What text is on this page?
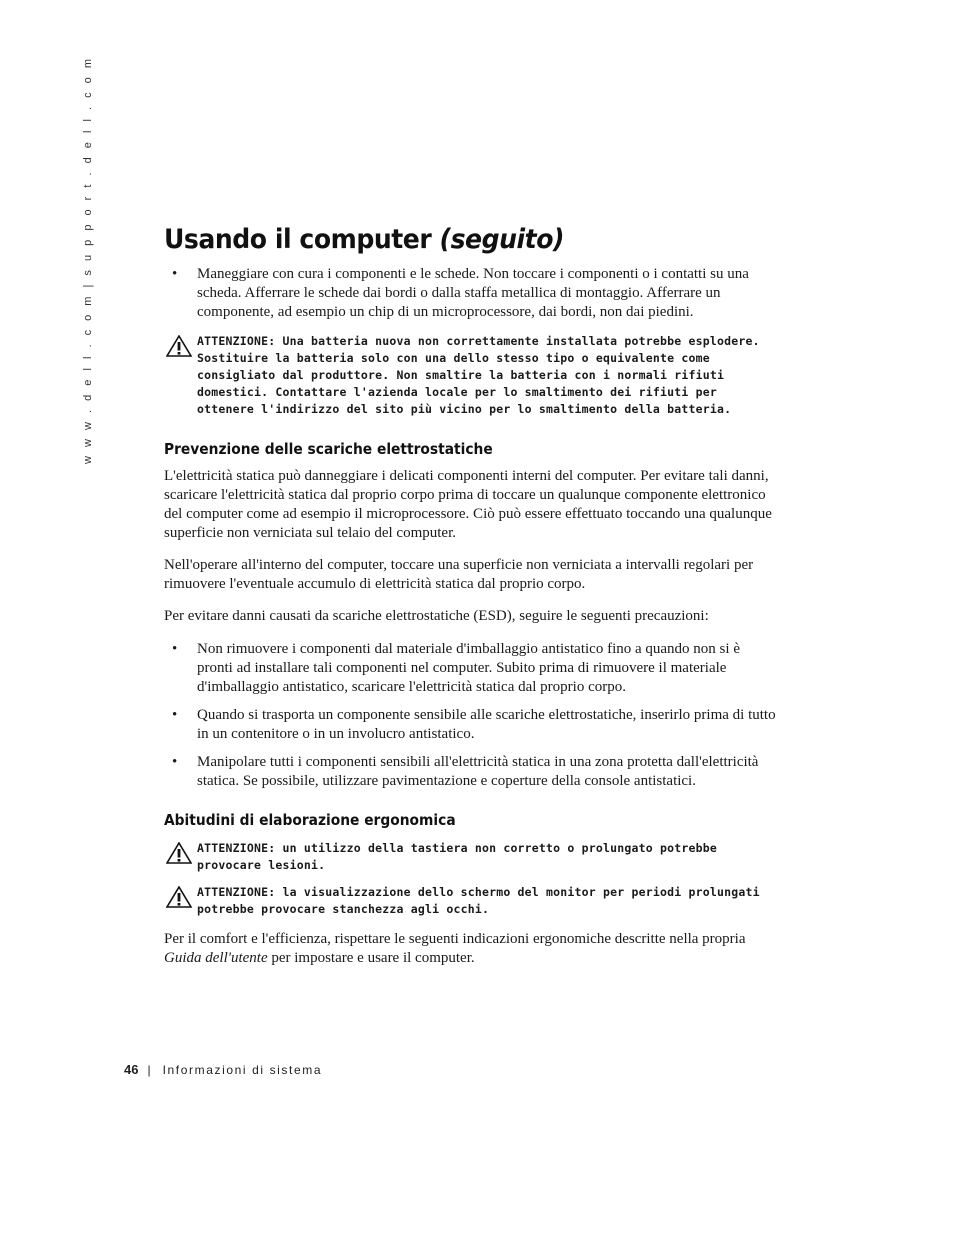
w w w . d e l l . c o m | s u p p o r t . d e l l . c o m	Usando il computer (seguito)
• Maneggiare con cura i componenti e le schede. Non toccare i componenti o i contatti su una scheda. Afferrare le schede dai bordi o dalla staffa metallica di montaggio. Afferrare un componente, ad esempio un chip di un microprocessore, dai bordi, non dai piedini.
ATTENZIONE: Una batteria nuova non correttamente installata potrebbe esplodere. Sostituire la batteria solo con una dello stesso tipo o equivalente come consigliato dal produttore. Non smaltire la batteria con i normali rifiuti domestici. Contattare l'azienda locale per lo smaltimento dei rifiuti per ottenere l'indirizzo del sito più vicino per lo smaltimento della batteria.
Prevenzione delle scariche elettrostatiche

L'elettricità statica può danneggiare i delicati componenti interni del computer. Per evitare tali danni, scaricare l'elettricità statica dal proprio corpo prima di toccare un qualunque componente elettronico del computer come ad esempio il microprocessore. Ciò può essere effettuato toccando una qualunque superficie non verniciata sul telaio del computer.

Nell'operare all'interno del computer, toccare una superficie non verniciata a intervalli regolari per rimuovere l'eventuale accumulo di elettricità statica dal proprio corpo.

Per evitare danni causati da scariche elettrostatiche (ESD), seguire le seguenti precauzioni:

• Non rimuovere i componenti dal materiale d'imballaggio antistatico fino a quando non si è pronti ad installare tali componenti nel computer. Subito prima di rimuovere il materiale d'imballaggio antistatico, scaricare l'elettricità statica dal proprio corpo.
• Quando si trasporta un componente sensibile alle scariche elettrostatiche, inserirlo prima di tutto in un contenitore o in un involucro antistatico.
• Manipolare tutti i componenti sensibili all'elettricità statica in una zona protetta dall'elettricità statica. Se possibile, utilizzare pavimentazione e coperture della console antistatici.
Abitudini di elaborazione ergonomica
ATTENZIONE: un utilizzo della tastiera non corretto o prolungato potrebbe provocare lesioni.
ATTENZIONE: la visualizzazione dello schermo del monitor per periodi prolungati potrebbe provocare stanchezza agli occhi.

Per il comfort e l'efficienza, rispettare le seguenti indicazioni ergonomiche descritte nella propria Guida dell'utente per impostare e usare il computer.

46 | Informazioni di sistema
